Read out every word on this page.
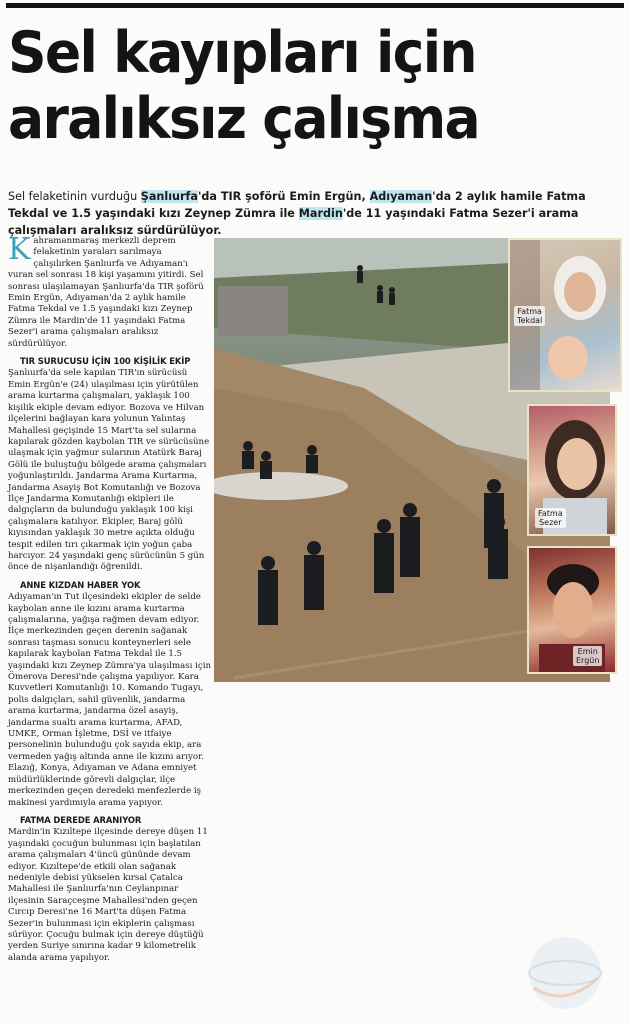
Sel kayıpları için
aralıksız çalışma

Sel felaketinin vurduğu Şanlıurfa'da TIR şoförü Emin Ergün, Adıyaman'da 2 aylık hamile Fatma Tekdal ve 1.5 yaşındaki kızı Zeynep Zümra ile Mardin'de 11 yaşındaki Fatma Sezer'i arama çalışmaları aralıksız sürdürülüyor.

Kahramanmaraş merkezli deprem felaketinin yaraları sarılmaya çalışılırken Şanlıurfa ve Adıyaman'ı vuran sel sonrası 18 kişi yaşamını yitirdi. Sel sonrası ulaşılamayan Şanlıurfa'da TIR şoförü Emin Ergün, Adıyaman'da 2 aylık hamile Fatma Tekdal ve 1.5 yaşındaki kızı Zeynep Zümra ile Mardin'de 11 yaşındaki Fatma Sezer'i arama çalışmaları aralıksız sürdürülüyor.

TIR SURUCUSU İÇİN 100 KİŞİLİK EKİP

Şanlıurfa'da sele kapılan TIR'ın sürücüsü Emin Ergün'e (24) ulaşılması için yürütülen arama kurtarma çalışmaları, yaklaşık 100 kişilik ekiple devam ediyor. Bozova ve Hilvan ilçelerini bağlayan kara yolunun Yalıntaş Mahallesi geçişinde 15 Mart'ta sel sularına kapılarak gözden kaybolan TIR ve sürücüsüne ulaşmak için yağmur sularının Atatürk Baraj Gölü ile buluştuğu bölgede arama çalışmaları yoğunlaştırıldı. Jandarma Arama Kurtarma, Jandarma Asayiş Bot Komutanlığı ve Bozova İlçe Jandarma Komutanlığı ekipleri ile dalgıçların da bulunduğu yaklaşık 100 kişi çalışmalara katılıyor. Ekipler, Baraj gölü kıyısından yaklaşık 30 metre açıkta olduğu tespit edilen tırı çıkarmak için yoğun çaba harcıyor. 24 yaşındaki genç sürücünün 5 gün önce de nişanlandığı öğrenildi.

ANNE KIZDAN HABER YOK

Adıyaman'ın Tut ilçesindeki ekipler de selde kaybolan anne ile kızını arama kurtarma çalışmalarına, yağışa rağmen devam ediyor. İlçe merkezinden geçen derenin sağanak sonrası taşması sonucu konteynerleri sele kapılarak kaybolan Fatma Tekdal ile 1.5 yaşındaki kızı Zeynep Zümra'ya ulaşılması için Ömerova Deresi'nde çalışma yapılıyor. Kara Kuvvetleri Komutanlığı 10. Komando Tugayı, polis dalgıçları, sahil güvenlik, jandarma arama kurtarma, jandarma özel asayiş, jandarma sualtı arama kurtarma, AFAD, UMKE, Orman İşletme, DSİ ve itfaiye personelinin bulunduğu çok sayıda ekip, ara vermeden yağış altında anne ile kızını arıyor. Elazığ, Konya, Adıyaman ve Adana emniyet müdürlüklerinde görevli dalgıçlar, ilçe merkezinden geçen deredeki menfezlerde iş makinesi yardımıyla arama yapıyor.

FATMA DEREDE ARANIYOR

Mardin'in Kızıltepe ilçesinde dereye düşen 11 yaşındaki çocuğun bulunması için başlatılan arama çalışmaları 4'üncü gününde devam ediyor. Kızıltepe'de etkili olan sağanak nedeniyle debisi yükselen kırsal Çatalca Mahallesi ile Şanlıurfa'nın Ceylanpınar ilçesinin Saraçceşme Mahallesi'nden geçen Cırcıp Deresi'ne 16 Mart'ta düşen Fatma Sezer'in bulunması için ekiplerin çalışması sürüyor. Çocuğu bulmak için dereye düştüğü yerden Suriye sınırına kadar 9 kilometrelik alanda arama yapılıyor.

Fatma
Tekdal
Fatma
Sezer
Emin
Ergün
